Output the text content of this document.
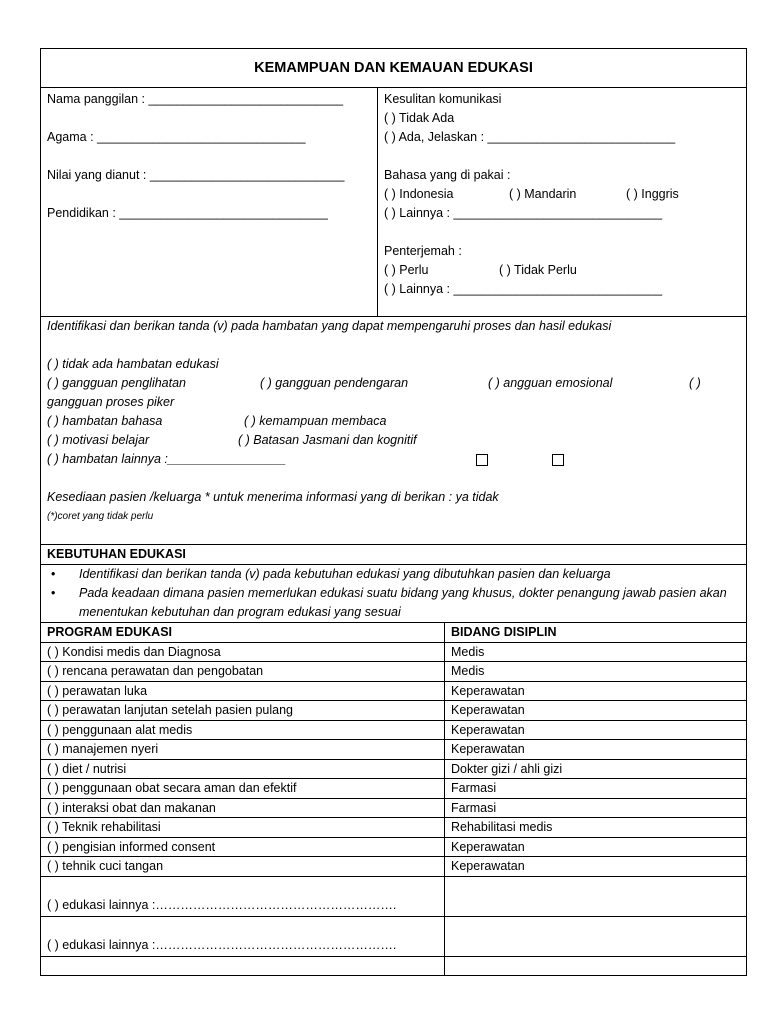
KEMAMPUAN DAN KEMAUAN EDUKASI
Nama panggilan : ____________________________
Agama : ______________________________
Nilai yang dianut : ____________________________
Pendidikan : ______________________________
Kesulitan komunikasi
( ) Tidak Ada
( ) Ada, Jelaskan : ___________________________
Bahasa yang di pakai :
( ) Indonesia	( ) Mandarin	( ) Inggris
( ) Lainnya : ______________________________
Penterjemah :
( ) Perlu	( ) Tidak Perlu
( ) Lainnya : ______________________________
Identifikasi dan berikan tanda (v) pada hambatan yang dapat mempengaruhi proses dan hasil edukasi
( ) tidak ada hambatan edukasi
( ) gangguan penglihatan	( ) gangguan pendengaran	( ) angguan emosional	( )
gangguan proses piker
( ) hambatan bahasa	( ) kemampuan membaca
( ) motivasi belajar	( ) Batasan Jasmani dan kognitif
( ) hambatan lainnya :_________________
Kesediaan pasien /keluarga * untuk menerima informasi yang di berikan : ya tidak
(*)coret yang tidak perlu
KEBUTUHAN EDUKASI
•	Identifikasi dan berikan tanda (v) pada kebutuhan edukasi yang dibutuhkan pasien dan keluarga
•	Pada keadaan dimana pasien memerlukan edukasi suatu bidang yang khusus, dokter penangung jawab pasien akan menentukan kebutuhan dan program edukasi yang sesuai
PROGRAM EDUKASI	BIDANG DISIPLIN
( ) Kondisi medis dan Diagnosa	Medis
( ) rencana perawatan dan pengobatan	Medis
( ) perawatan luka	Keperawatan
( ) perawatan lanjutan setelah pasien pulang	Keperawatan
( ) penggunaan alat medis	Keperawatan
( ) manajemen nyeri	Keperawatan
( ) diet / nutrisi	Dokter gizi / ahli gizi
( ) penggunaan obat secara aman dan efektif	Farmasi
( ) interaksi obat dan makanan	Farmasi
( ) Teknik rehabilitasi	Rehabilitasi medis
( ) pengisian informed consent	Keperawatan
( ) tehnik cuci tangan	Keperawatan
( ) edukasi lainnya :………………………………………………….	
( ) edukasi lainnya :………………………………………………….	
